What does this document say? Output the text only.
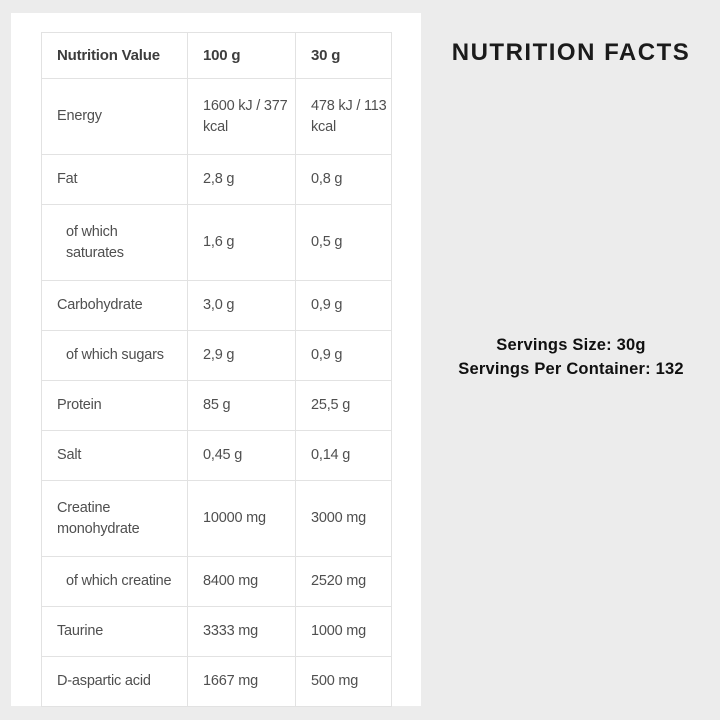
Nutrition Value	100 g	30 g
Energy	1600 kJ / 377 kcal	478 kJ / 113 kcal
Fat	2,8 g	0,8 g
of which saturates	1,6 g	0,5 g
Carbohydrate	3,0 g	0,9 g
of which sugars	2,9 g	0,9 g
Protein	85 g	25,5 g
Salt	0,45 g	0,14 g
Creatine monohydrate	10000 mg	3000 mg
of which creatine	8400 mg	2520 mg
Taurine	3333 mg	1000 mg
D-aspartic acid	1667 mg	500 mg
NUTRITION FACTS
Servings Size: 30g
Servings Per Container: 132
